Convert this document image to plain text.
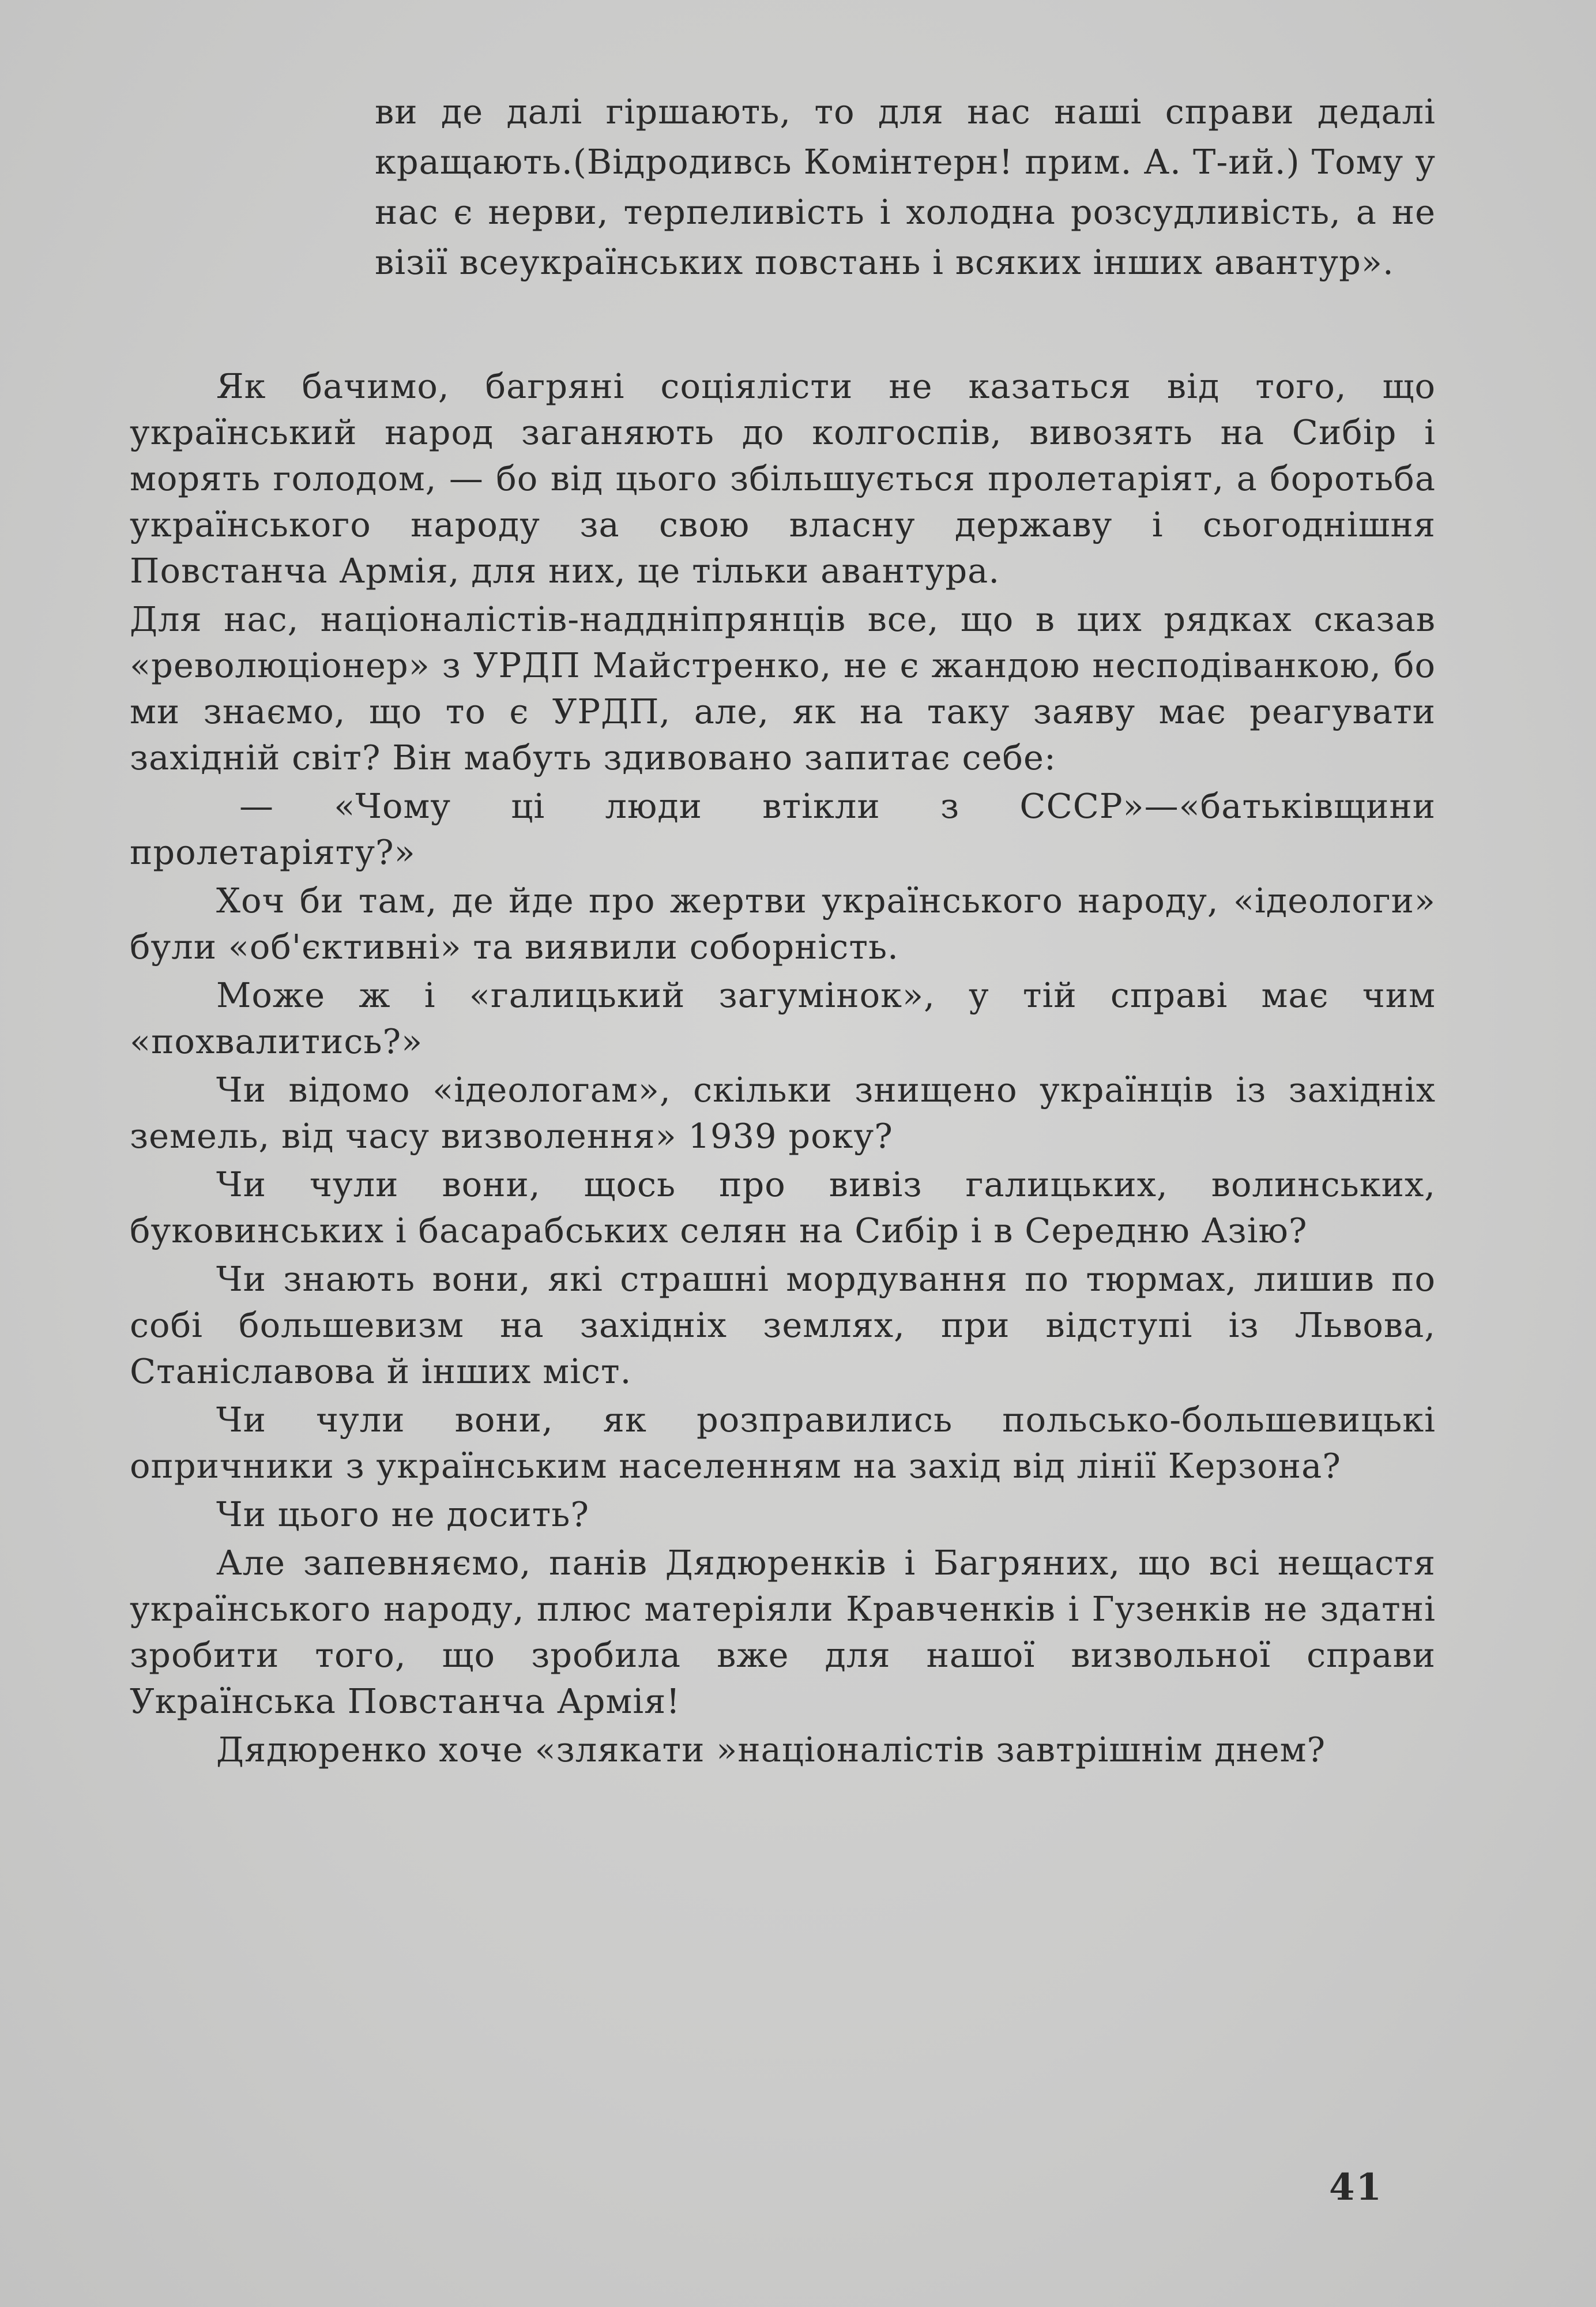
ви де далі гіршають, то для нас наші справи дедалі кращають.(Відродивсь Комінтерн! прим. А. Т-ий.) Тому у нас є нерви, терпеливість і холодна розсудливість, а не візії всеукраїнських повстань і всяких інших авантур».

Як бачимо, багряні соціялісти не казаться від того, що український народ заганяють до колгоспів, вивозять на Сибір і морять голодом, — бо від цього збільшується пролетаріят, а боротьба українського народу за свою власну державу і сьогоднішня Повстанча Армія, для них, це тільки авантура.

Для нас, націоналістів-наддніпрянців все, що в цих рядках сказав «революціонер» з УРДП Майстренко, не є жандою несподіванкою, бо ми знаємо, що то є УРДП, але, як на таку заяву має реагувати західній світ? Він мабуть здивовано запитає себе:

— «Чому ці люди втікли з СССР»—«батьківщини пролетаріяту?»

Хоч би там, де йде про жертви українського народу, «ідеологи» були «об'єктивні» та виявили соборність.

Може ж і «галицький загумінок», у тій справі має чим «похвалитись?»

Чи відомо «ідеологам», скільки знищено українців із західніх земель, від часу визволення» 1939 року?

Чи чули вони, щось про вивіз галицьких, волинських, буковинських і басарабських селян на Сибір і в Середню Азію?

Чи знають вони, які страшні мордування по тюрмах, лишив по собі большевизм на західніх землях, при відступі із Львова, Станіславова й інших міст.

Чи чули вони, як розправились польсько-большевицькі опричники з українським населенням на захід від лінії Керзона?

Чи цього не досить?

Але запевняємо, панів Дядюренків і Багряних, що всі нещастя українського народу, плюс матеріяли Кравченків і Гузенків не здатні зробити того, що зробила вже для нашої визвольної справи Українська Повстанча Армія!

Дядюренко хоче «злякати »націоналістів завтрішнім днем?

41
